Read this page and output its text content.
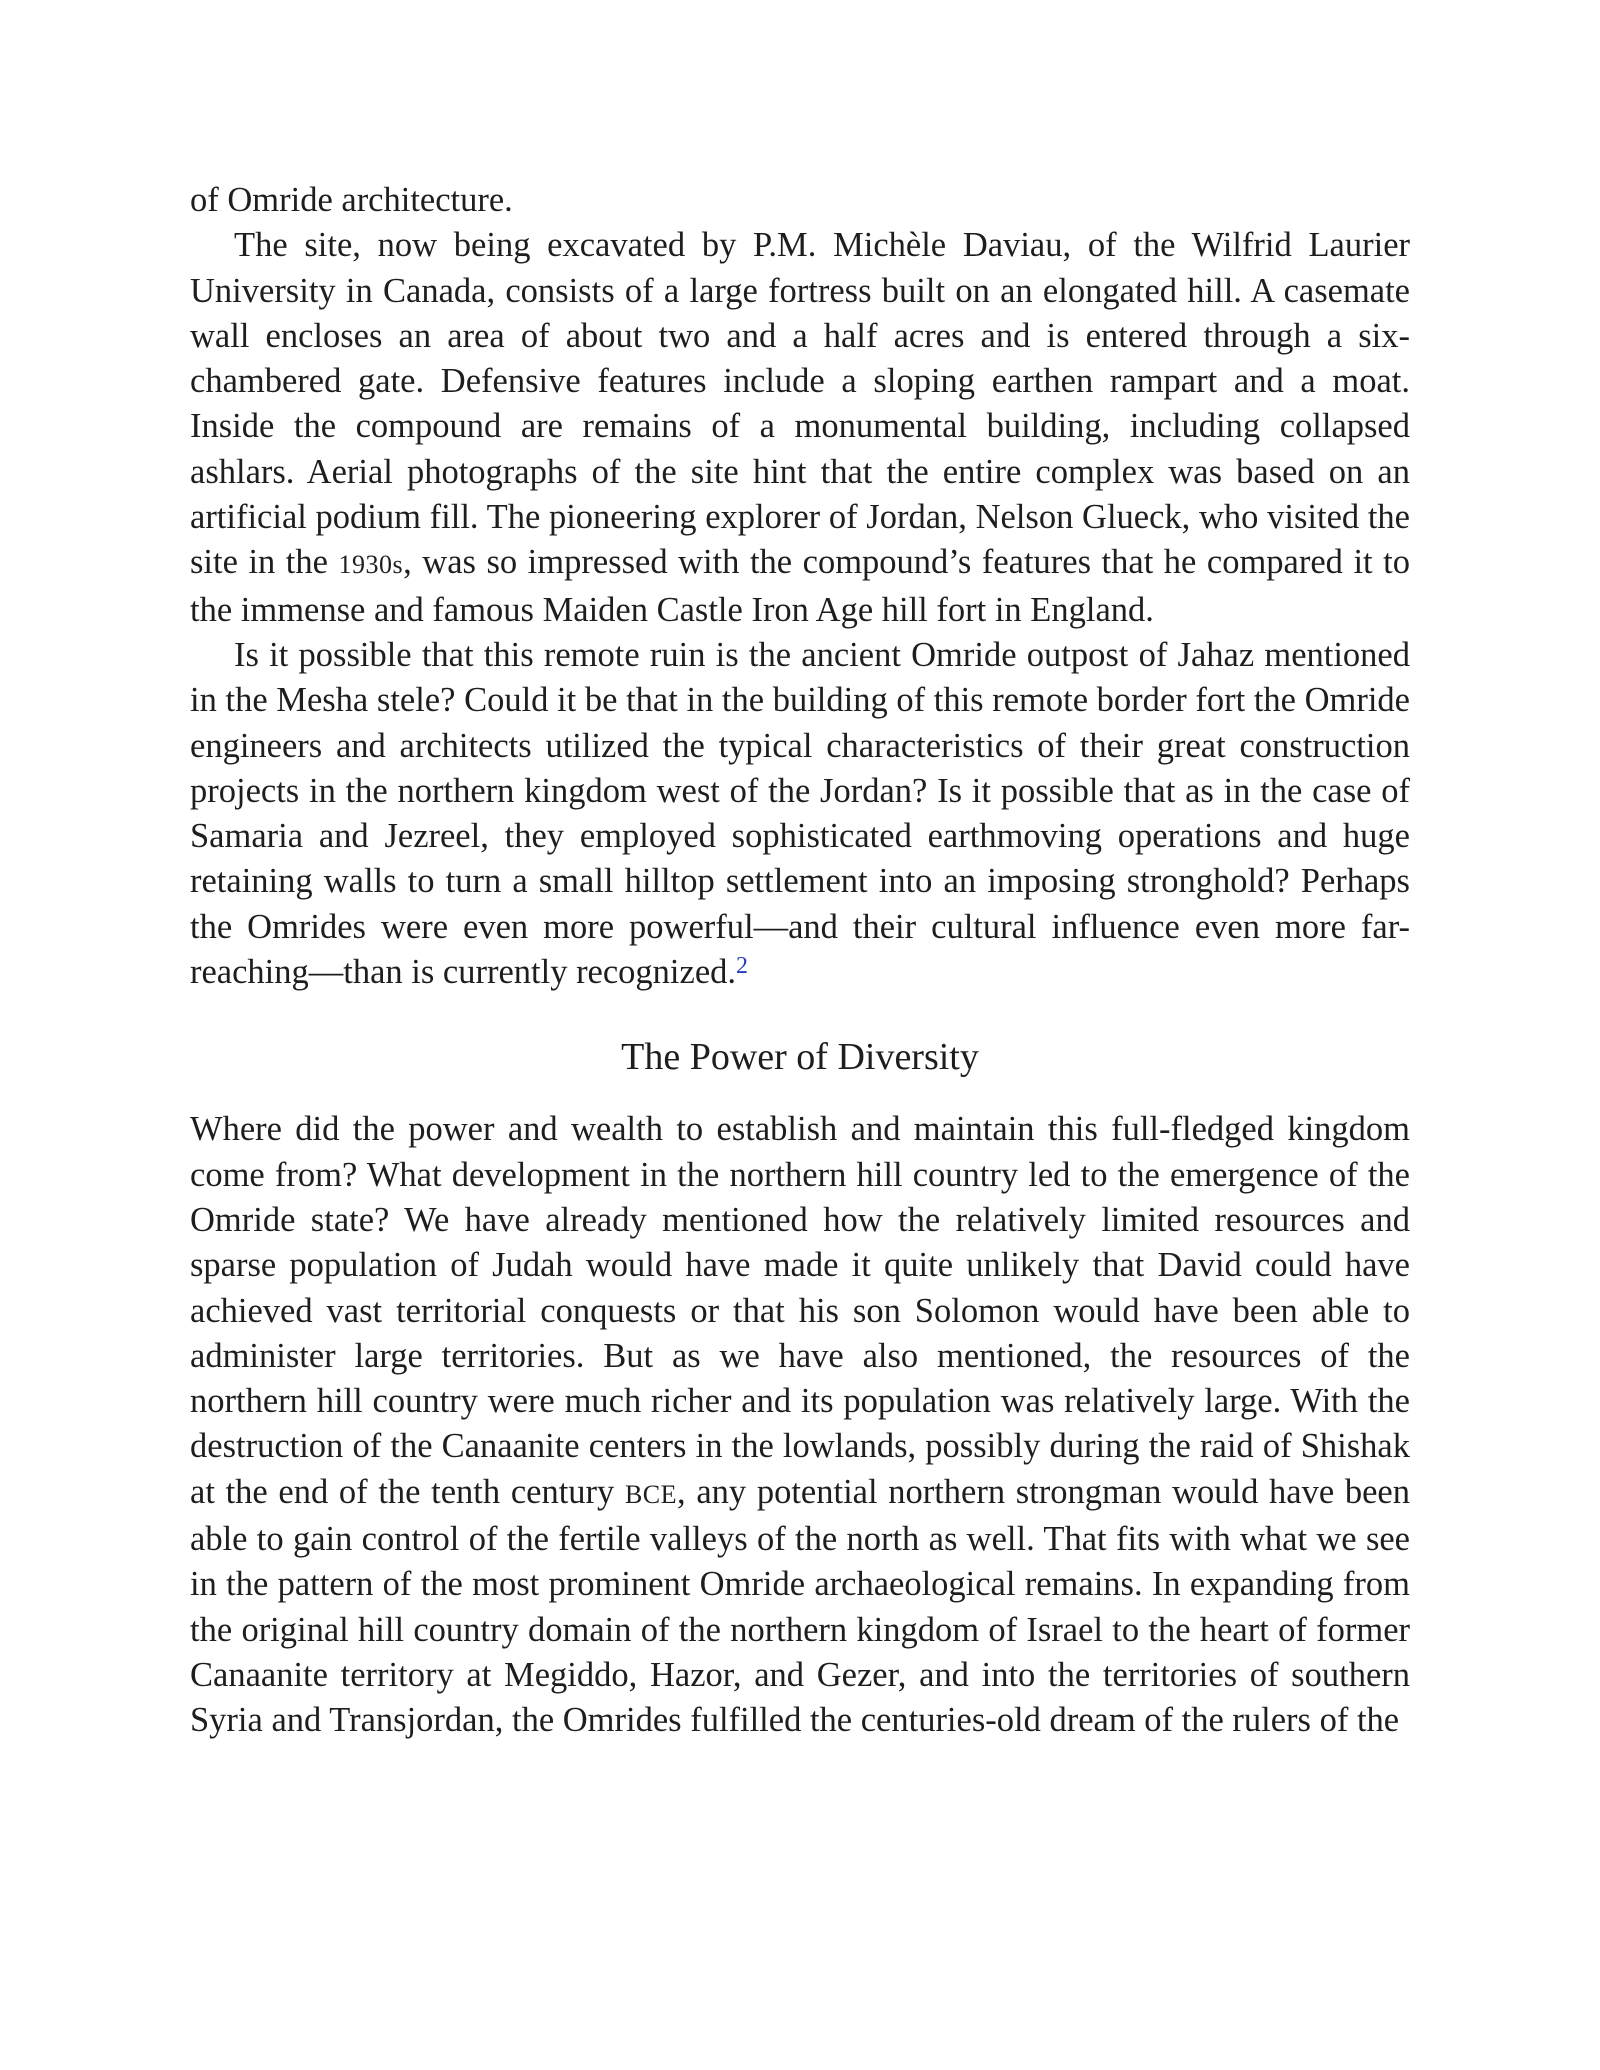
of Omride architecture.

The site, now being excavated by P.M. Michèle Daviau, of the Wilfrid Laurier University in Canada, consists of a large fortress built on an elongated hill. A casemate wall encloses an area of about two and a half acres and is entered through a six-chambered gate. Defensive features include a sloping earthen rampart and a moat. Inside the compound are remains of a monumental building, including collapsed ashlars. Aerial photographs of the site hint that the entire complex was based on an artificial podium fill. The pioneering explorer of Jordan, Nelson Glueck, who visited the site in the 1930s, was so impressed with the compound’s features that he compared it to the immense and famous Maiden Castle Iron Age hill fort in England.

Is it possible that this remote ruin is the ancient Omride outpost of Jahaz mentioned in the Mesha stele? Could it be that in the building of this remote border fort the Omride engineers and architects utilized the typical characteristics of their great construction projects in the northern kingdom west of the Jordan? Is it possible that as in the case of Samaria and Jezreel, they employed sophisticated earthmoving operations and huge retaining walls to turn a small hilltop settlement into an imposing stronghold? Perhaps the Omrides were even more powerful—and their cultural influence even more far-reaching—than is currently recognized.$^2$

The Power of Diversity

Where did the power and wealth to establish and maintain this full-fledged kingdom come from? What development in the northern hill country led to the emergence of the Omride state? We have already mentioned how the relatively limited resources and sparse population of Judah would have made it quite unlikely that David could have achieved vast territorial conquests or that his son Solomon would have been able to administer large territories. But as we have also mentioned, the resources of the northern hill country were much richer and its population was relatively large. With the destruction of the Canaanite centers in the lowlands, possibly during the raid of Shishak at the end of the tenth century BCE, any potential northern strongman would have been able to gain control of the fertile valleys of the north as well. That fits with what we see in the pattern of the most prominent Omride archaeological remains. In expanding from the original hill country domain of the northern kingdom of Israel to the heart of former Canaanite territory at Megiddo, Hazor, and Gezer, and into the territories of southern Syria and Transjordan, the Omrides fulfilled the centuries-old dream of the rulers of the
